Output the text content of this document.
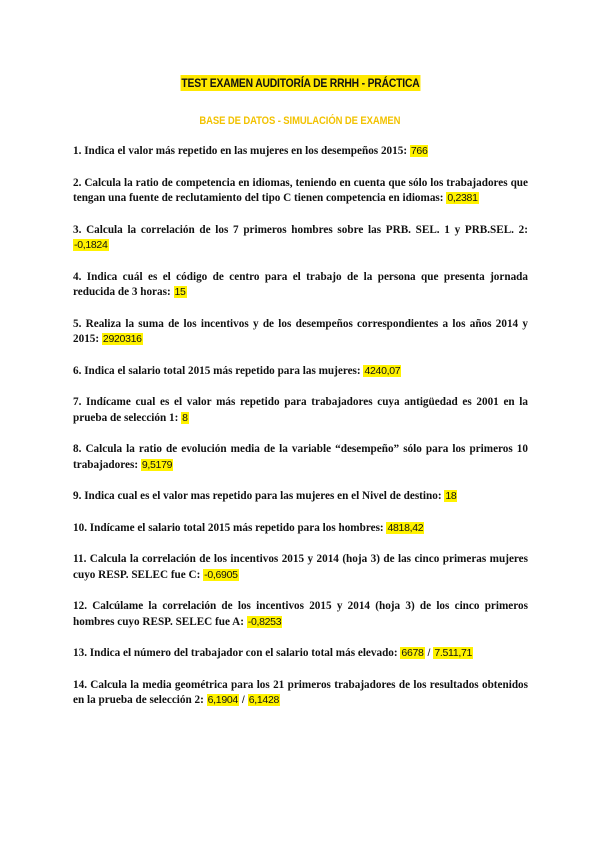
TEST EXAMEN AUDITORÍA DE RRHH - PRÁCTICA
BASE DE DATOS - SIMULACIÓN DE EXAMEN

1. Indica el valor más repetido en las mujeres en los desempeños 2015: 766

2. Calcula la ratio de competencia en idiomas, teniendo en cuenta que sólo los trabajadores que tengan una fuente de reclutamiento del tipo C tienen competencia en idiomas: 0,2381

3. Calcula la correlación de los 7 primeros hombres sobre las PRB. SEL. 1 y PRB.SEL. 2: -0,1824

4. Indica cuál es el código de centro para el trabajo de la persona que presenta jornada reducida de 3 horas: 15

5. Realiza la suma de los incentivos y de los desempeños correspondientes a los años 2014 y 2015: 2920316

6. Indica el salario total 2015 más repetido para las mujeres: 4240,07

7. Indícame cual es el valor más repetido para trabajadores cuya antigüedad es 2001 en la prueba de selección 1: 8

8. Calcula la ratio de evolución media de la variable “desempeño” sólo para los primeros 10 trabajadores: 9,5179

9. Indica cual es el valor mas repetido para las mujeres en el Nivel de destino: 18

10. Indícame el salario total 2015 más repetido para los hombres: 4818,42

11. Calcula la correlación de los incentivos 2015 y 2014 (hoja 3) de las cinco primeras mujeres cuyo RESP. SELEC fue C: -0,6905

12. Calcúlame la correlación de los incentivos 2015 y 2014 (hoja 3) de los cinco primeros hombres cuyo RESP. SELEC fue A: -0,8253

13. Indica el número del trabajador con el salario total más elevado: 6678 / 7.511,71

14. Calcula la media geométrica para los 21 primeros trabajadores de los resultados obtenidos en la prueba de selección 2: 6,1904 / 6,1428
